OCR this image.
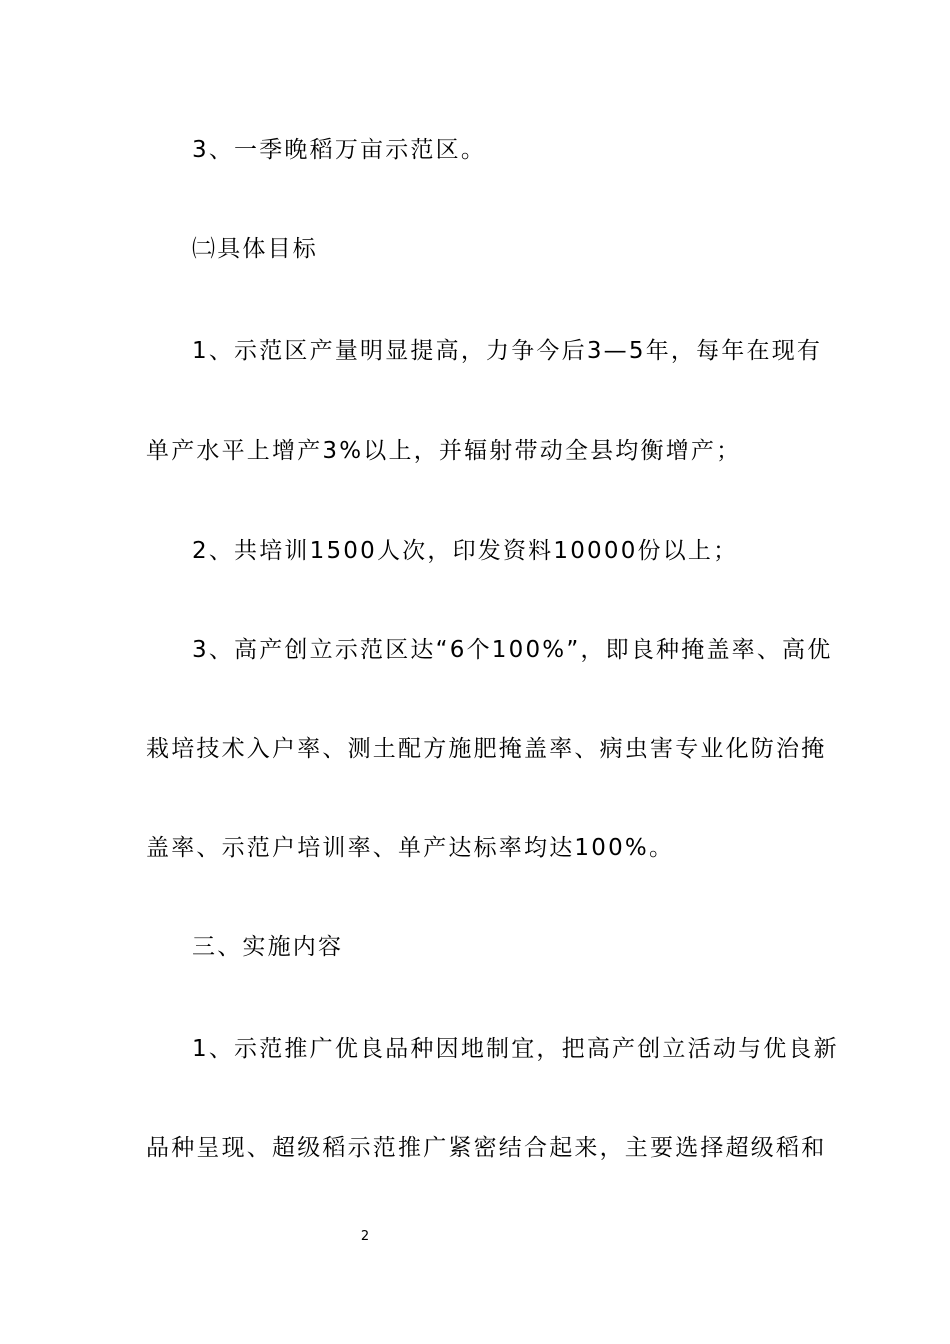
3、一季晚稻万亩示范区。
㈡具体目标
1、示范区产量明显提高，力争今后3—5年，每年在现有
单产水平上增产3%以上，并辐射带动全县均衡增产；
2、共培训1500人次，印发资料10000份以上；
3、高产创立示范区达“6个100%”，即良种掩盖率、高优
栽培技术入户率、测土配方施肥掩盖率、病虫害专业化防治掩
盖率、示范户培训率、单产达标率均达100%。
三、实施内容
1、示范推广优良品种因地制宜，把高产创立活动与优良新
品种呈现、超级稻示范推广紧密结合起来，主要选择超级稻和
2
